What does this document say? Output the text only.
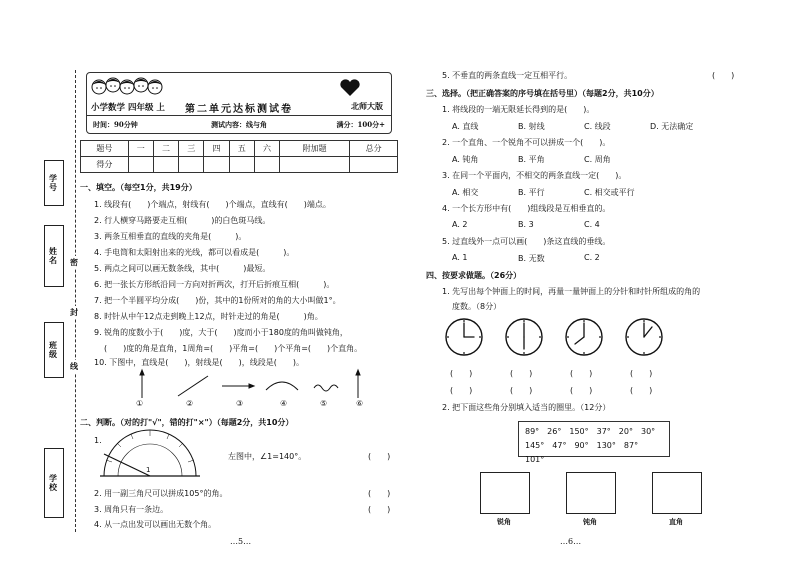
学号
姓名
班级
学校
密
封
线
小学数学 四年级 上	第二单元达标测试卷	北师大版
时间：90分钟	测试内容：线与角	满分：100分+
题号	一	二	三	四	五	六	附加题	总分
得分								
一、填空。（每空1分，共19分）
1. 线段有(　　)个端点，射线有(　　)个端点，直线有(　　)端点。
2. 行人横穿马路要走互相(　　　)的白色斑马线。
3. 两条互相垂直的直线的夹角是(　　　)。
4. 手电筒和太阳射出来的光线，都可以看成是(　　　)。
5. 两点之间可以画无数条线，其中(　　　)最短。
6. 把一张长方形纸沿同一方向对折两次，打开后折痕互相(　　　)。
7. 把一个半圆平均分成(　　)份，其中的1份所对的角的大小叫做1°。
8. 时针从中午12点走到晚上12点，时针走过的角是(　　　)角。
9. 锐角的度数小于(　　)度，大于(　　)度而小于180度的角叫做钝角，
(　　)度的角是直角，1周角=(　　)平角=(　　)个平角=(　　)个直角。
10. 下图中，直线是(　　)，射线是(　　)，线段是(　　)。
①	②	③	④	⑤	⑥
二、判断。（对的打"√"，错的打"×"）（每题2分，共10分）
1.
1
左图中，∠1=140°。	(　　)
2. 用一副三角尺可以拼成105°的角。	(　　)
3. 周角只有一条边。	(　　)
4. 从一点出发可以画出无数个角。
…5…
5. 不垂直的两条直线一定互相平行。	(　　)
三、选择。（把正确答案的序号填在括号里）（每题2分，共10分）
1. 将线段的一端无限延长得到的是(　　)。
A. 直线	B. 射线	C. 线段	D. 无法确定
2. 一个直角、一个锐角不可以拼成一个(　　)。
A. 钝角	B. 平角	C. 周角
3. 在同一个平面内，不相交的两条直线一定(　　)。
A. 相交	B. 平行	C. 相交或平行
4. 一个长方形中有(　　)组线段是互相垂直的。
A. 2	B. 3	C. 4
5. 过直线外一点可以画(　　)条这直线的垂线。
A. 1	B. 无数	C. 2
四、按要求做题。（26分）
1. 先写出每个钟面上的时间，再量一量钟面上的分针和时针所组成的角的
度数。（8分）
(　　)	(　　)	(　　)	(　　)
(　　)	(　　)	(　　)	(　　)
2. 把下面这些角分别填入适当的圈里。（12分）
89°　26°　150°　37°　20°　30°
145°　47°　90°　130°　87°　101°
锐角	钝角	直角
…6…
